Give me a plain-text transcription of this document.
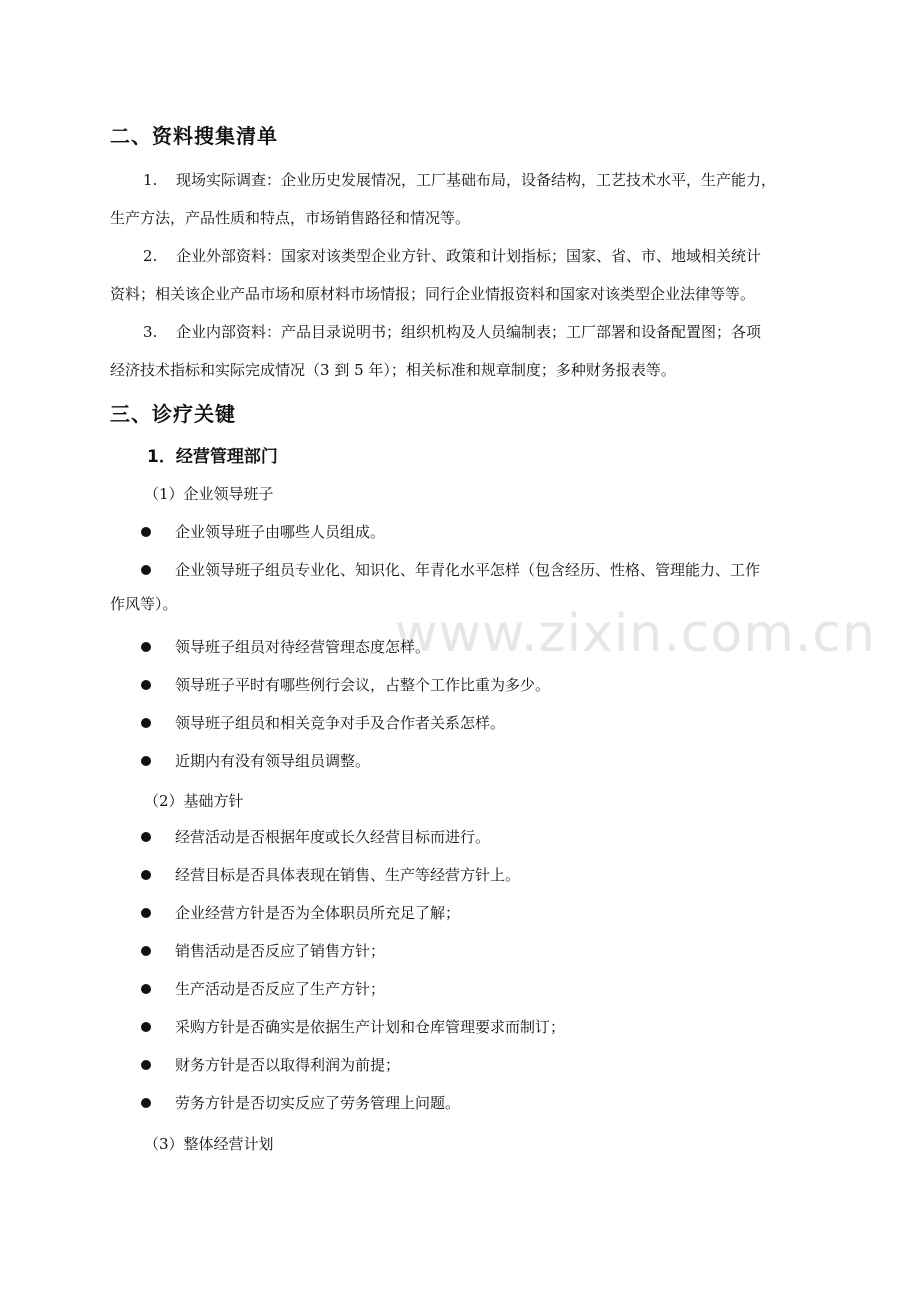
www.zixin.com.cn
二、资料搜集清单
1. 现场实际调查：企业历史发展情况，工厂基础布局，设备结构，工艺技术水平，生产能力，
生产方法，产品性质和特点，市场销售路径和情况等。
2. 企业外部资料：国家对该类型企业方针、政策和计划指标；国家、省、市、地域相关统计
资料；相关该企业产品市场和原材料市场情报；同行企业情报资料和国家对该类型企业法律等等。
3. 企业内部资料：产品目录说明书；组织机构及人员编制表；工厂部署和设备配置图；各项
经济技术指标和实际完成情况（3 到 5 年）；相关标准和规章制度；多种财务报表等。
三、诊疗关键
1．经营管理部门
（1）企业领导班子
企业领导班子由哪些人员组成。
企业领导班子组员专业化、知识化、年青化水平怎样（包含经历、性格、管理能力、工作
作风等）。
领导班子组员对待经营管理态度怎样。
领导班子平时有哪些例行会议，占整个工作比重为多少。
领导班子组员和相关竞争对手及合作者关系怎样。
近期内有没有领导组员调整。
（2）基础方针
经营活动是否根据年度或长久经营目标而进行。
经营目标是否具体表现在销售、生产等经营方针上。
企业经营方针是否为全体职员所充足了解；
销售活动是否反应了销售方针；
生产活动是否反应了生产方针；
采购方针是否确实是依据生产计划和仓库管理要求而制订；
财务方针是否以取得利润为前提；
劳务方针是否切实反应了劳务管理上问题。
（3）整体经营计划
